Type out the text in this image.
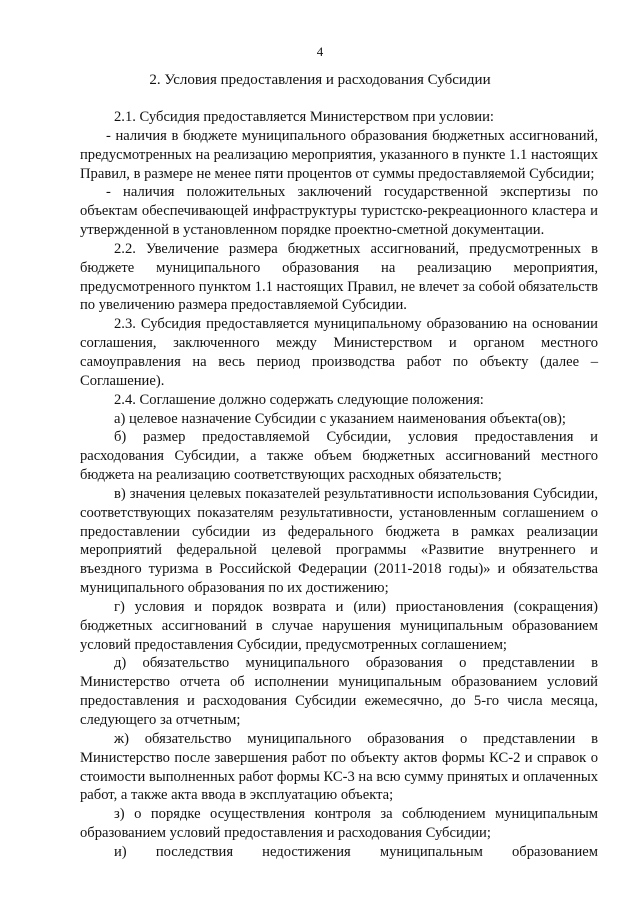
4
2. Условия предоставления и расходования Субсидии

2.1. Субсидия предоставляется Министерством при условии:

- наличия в бюджете муниципального образования бюджетных ассигнований, предусмотренных на реализацию мероприятия, указанного в пункте 1.1 настоящих Правил, в размере не менее пяти процентов от суммы предоставляемой Субсидии;

- наличия положительных заключений государственной экспертизы по объектам обеспечивающей инфраструктуры туристско-рекреационного кластера и утвержденной в установленном порядке проектно-сметной документации.

2.2. Увеличение размера бюджетных ассигнований, предусмотренных в бюджете муниципального образования на реализацию мероприятия, предусмотренного пунктом 1.1 настоящих Правил, не влечет за собой обязательств по увеличению размера предоставляемой Субсидии.

2.3. Субсидия предоставляется муниципальному образованию на основании соглашения, заключенного между Министерством и органом местного самоуправления на весь период производства работ по объекту (далее – Соглашение).

2.4. Соглашение должно содержать следующие положения:

а) целевое назначение Субсидии с указанием наименования объекта(ов);

б) размер предоставляемой Субсидии, условия предоставления и расходования Субсидии, а также объем бюджетных ассигнований местного бюджета на реализацию соответствующих расходных обязательств;

в) значения целевых показателей результативности использования Субсидии, соответствующих показателям результативности, установленным соглашением о предоставлении субсидии из федерального бюджета в рамках реализации мероприятий федеральной целевой программы «Развитие внутреннего и въездного туризма в Российской Федерации (2011-2018 годы)» и обязательства муниципального образования по их достижению;

г) условия и порядок возврата и (или) приостановления (сокращения) бюджетных ассигнований в случае нарушения муниципальным образованием условий предоставления Субсидии, предусмотренных соглашением;

д) обязательство муниципального образования о представлении в Министерство отчета об исполнении муниципальным образованием условий предоставления и расходования Субсидии ежемесячно, до 5-го числа месяца, следующего за отчетным;

ж) обязательство муниципального образования о представлении в Министерство после завершения работ по объекту актов формы КС-2 и справок о стоимости выполненных работ формы КС-3 на всю сумму принятых и оплаченных работ, а также акта ввода в эксплуатацию объекта;

з) о порядке осуществления контроля за соблюдением муниципальным образованием условий предоставления и расходования Субсидии;

и) последствия недостижения муниципальным образованием
